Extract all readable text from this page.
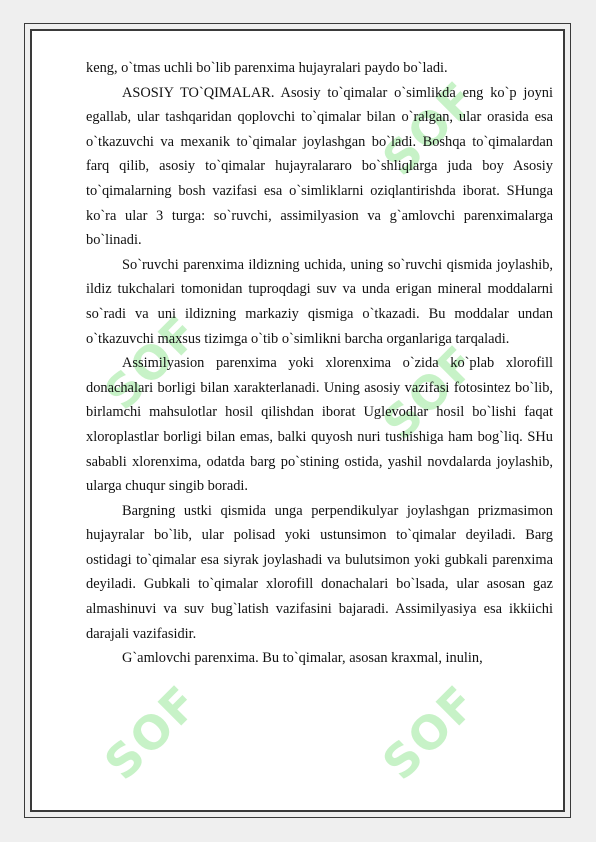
SOF
SOF	SOF
SOF	SOF

keng, o`tmas uchli bo`lib parenxima hujayralari paydo bo`ladi.

ASOSIY TO`QIMALAR. Asosiy to`qimalar o`simlikda eng ko`p joyni egallab, ular tashqaridan qoplovchi to`qimalar bilan o`ralgan, ular orasida esa o`tkazuvchi va mexanik to`qimalar joylashgan bo`ladi. Boshqa to`qimalardan farq qilib, asosiy to`qimalar hujayralararo bo`shliqlarga juda boy Asosiy to`qimalarning bosh vazifasi esa o`simliklarni oziqlantirishda iborat. SHunga ko`ra ular 3 turga: so`ruvchi, assimilyasion va g`amlovchi parenximalarga bo`linadi.

So`ruvchi parenxima ildizning uchida, uning so`ruvchi qismida joylashib, ildiz tukchalari tomonidan tuproqdagi suv va unda erigan mineral moddalarni so`radi va uni ildizning markaziy qismiga o`tkazadi. Bu moddalar undan o`tkazuvchi maxsus tizimga o`tib o`simlikni barcha organlariga tarqaladi.

Assimilyasion parenxima yoki xlorenxima o`zida ko`plab xlorofill donachalari borligi bilan xarakterlanadi. Uning asosiy vazifasi fotosintez bo`lib, birlamchi mahsulotlar hosil qilishdan iborat Uglevodlar hosil bo`lishi faqat xloroplastlar borligi bilan emas, balki quyosh nuri tushishiga ham bog`liq. SHu sababli xlorenxima, odatda barg po`stining ostida, yashil novdalarda joylashib, ularga chuqur singib boradi.

Bargning ustki qismida unga perpendikulyar joylashgan prizmasimon hujayralar bo`lib, ular polisad yoki ustunsimon to`qimalar deyiladi. Barg ostidagi to`qimalar esa siyrak joylashadi va bulutsimon yoki gubkali parenxima deyiladi. Gubkali to`qimalar xlorofill donachalari bo`lsada, ular asosan gaz almashinuvi va suv bug`latish vazifasini bajaradi. Assimilyasiya esa ikkiichi darajali vazifasidir.

G`amlovchi parenxima. Bu to`qimalar, asosan kraxmal, inulin,
